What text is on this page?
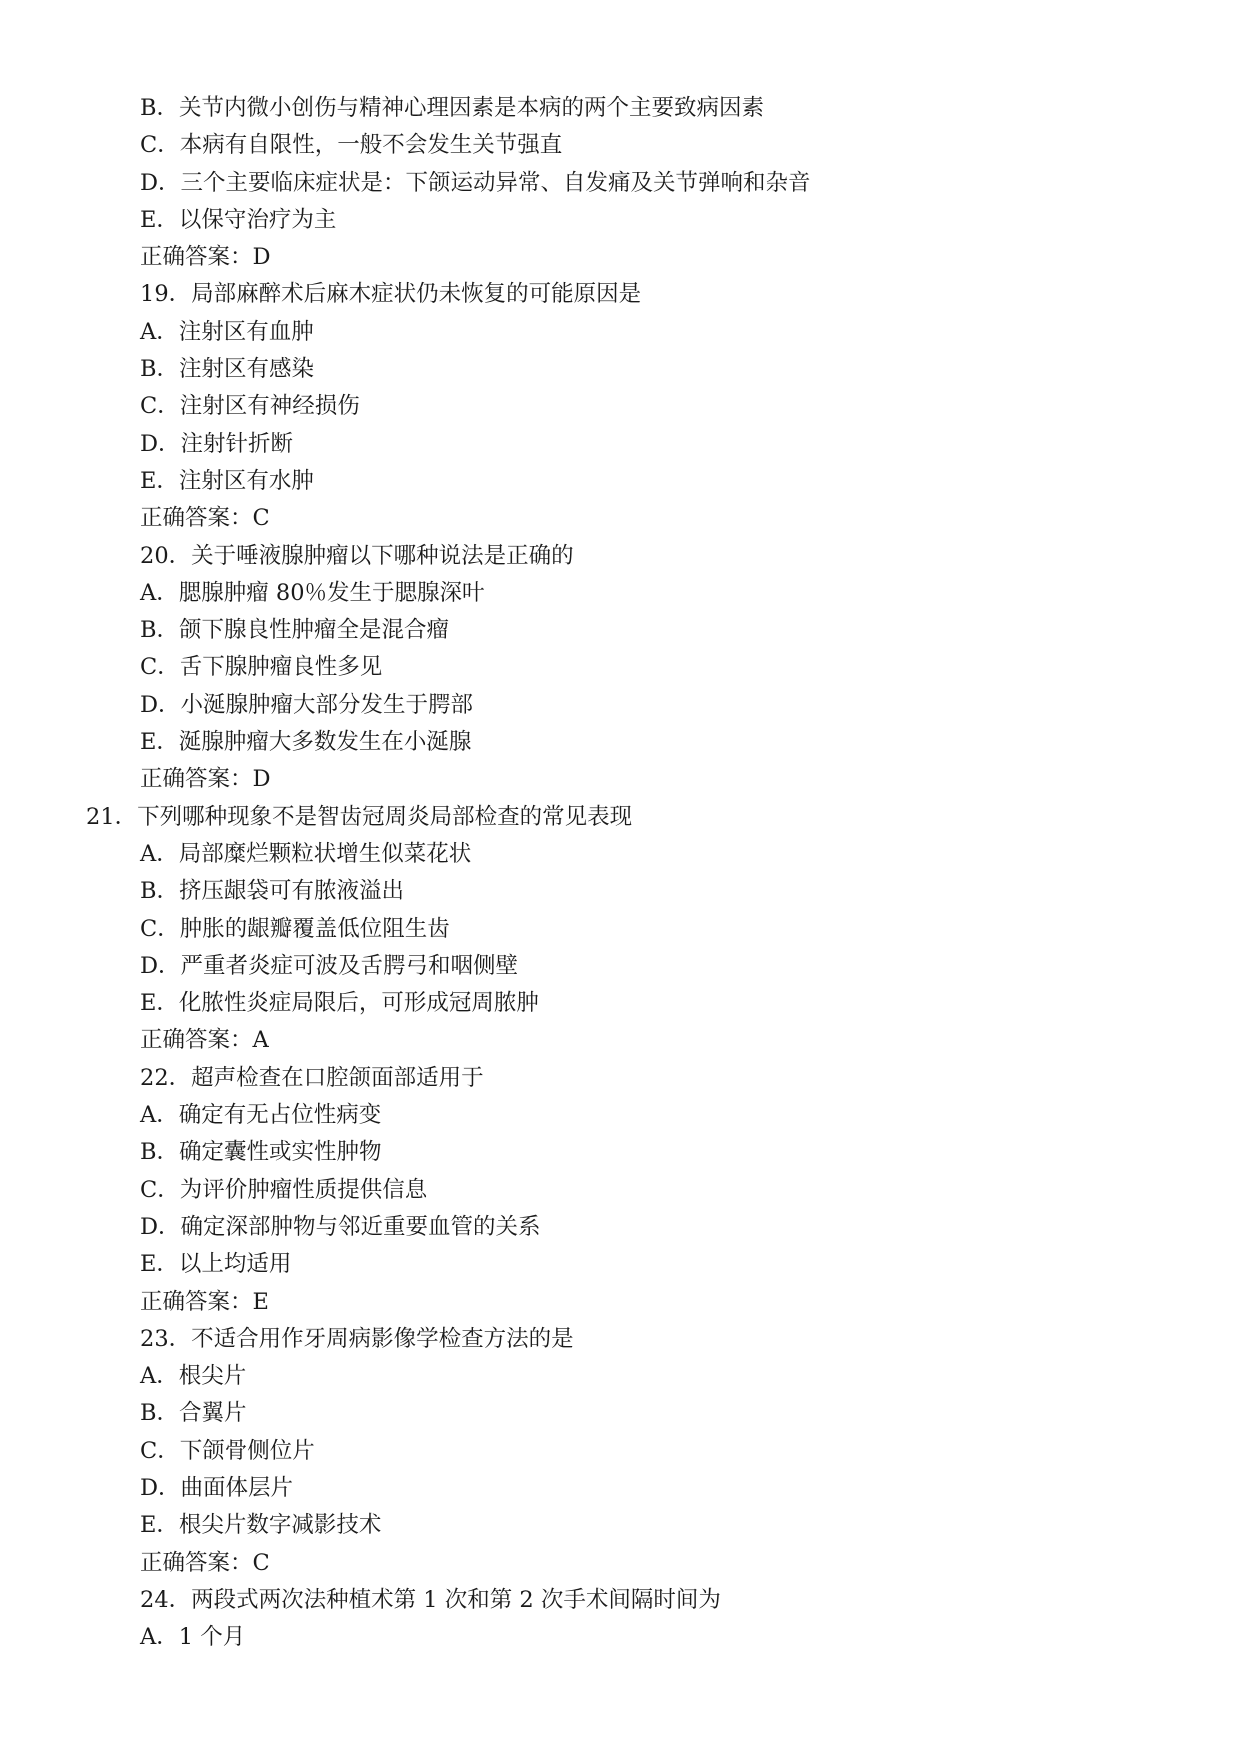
B．关节内微小创伤与精神心理因素是本病的两个主要致病因素
C．本病有自限性，一般不会发生关节强直
D．三个主要临床症状是：下颌运动异常、自发痛及关节弹响和杂音
E．以保守治疗为主
正确答案：D
19．局部麻醉术后麻木症状仍未恢复的可能原因是
A．注射区有血肿
B．注射区有感染
C．注射区有神经损伤
D．注射针折断
E．注射区有水肿
正确答案：C
20．关于唾液腺肿瘤以下哪种说法是正确的
A．腮腺肿瘤 80％发生于腮腺深叶
B．颌下腺良性肿瘤全是混合瘤
C．舌下腺肿瘤良性多见
D．小涎腺肿瘤大部分发生于腭部
E．涎腺肿瘤大多数发生在小涎腺
正确答案：D
21．下列哪种现象不是智齿冠周炎局部检查的常见表现
A．局部糜烂颗粒状增生似菜花状
B．挤压龈袋可有脓液溢出
C．肿胀的龈瓣覆盖低位阻生齿
D．严重者炎症可波及舌腭弓和咽侧壁
E．化脓性炎症局限后，可形成冠周脓肿
正确答案：A
22．超声检查在口腔颌面部适用于
A．确定有无占位性病变
B．确定囊性或实性肿物
C．为评价肿瘤性质提供信息
D．确定深部肿物与邻近重要血管的关系
E．以上均适用
正确答案：E
23．不适合用作牙周病影像学检查方法的是
A．根尖片
B．合翼片
C．下颌骨侧位片
D．曲面体层片
E．根尖片数字减影技术
正确答案：C
24．两段式两次法种植术第 1 次和第 2 次手术间隔时间为
A．1 个月
